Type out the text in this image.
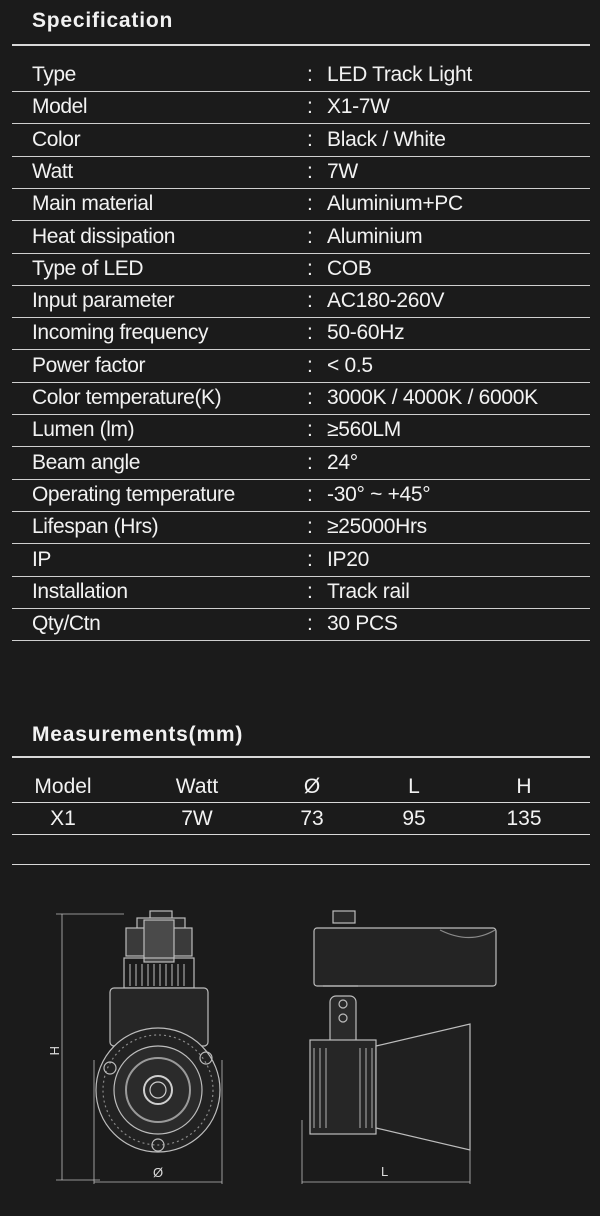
Specification
Type	: LED Track Light
Model	: X1-7W
Color	: Black / White
Watt	: 7W
Main material	: Aluminium+PC
Heat dissipation	: Aluminium
Type of LED	: COB
Input parameter	: AC180-260V
Incoming frequency	: 50-60Hz
Power factor	: < 0.5
Color temperature(K)	: 3000K / 4000K / 6000K
Lumen (lm)	: ≥560LM
Beam angle	: 24°
Operating temperature	: -30° ~ +45°
Lifespan (Hrs)	: ≥25000Hrs
IP	: IP20
Installation	: Track rail
Qty/Ctn	: 30 PCS
Measurements(mm)
Model	Watt	Ø	L	H
X1	7W	73	95	135
H
Ø	L
